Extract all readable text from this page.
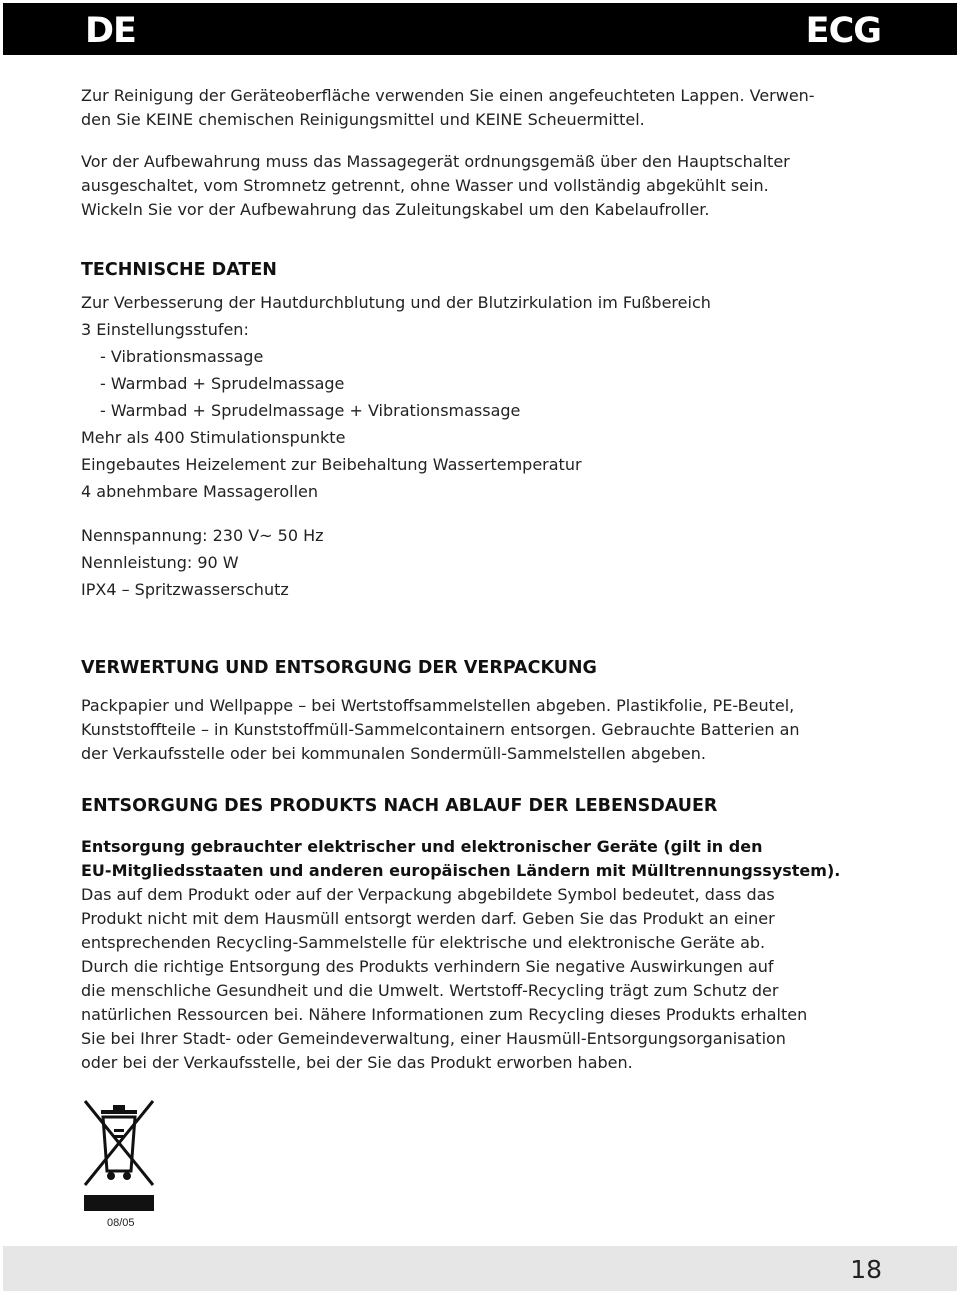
DE	ECG
Zur Reinigung der Geräteoberfläche verwenden Sie einen angefeuchteten Lappen. Verwen-
den Sie KEINE chemischen Reinigungsmittel und KEINE Scheuermittel.
Vor der Aufbewahrung muss das Massagegerät ordnungsgemäß über den Hauptschalter
ausgeschaltet, vom Stromnetz getrennt, ohne Wasser und vollständig abgekühlt sein.
Wickeln Sie vor der Aufbewahrung das Zuleitungskabel um den Kabelaufroller.
TECHNISCHE DATEN
Zur Verbesserung der Hautdurchblutung und der Blutzirkulation im Fußbereich
3 Einstellungsstufen:
- Vibrationsmassage
- Warmbad + Sprudelmassage
- Warmbad + Sprudelmassage + Vibrationsmassage
Mehr als 400 Stimulationspunkte
Eingebautes Heizelement zur Beibehaltung Wassertemperatur
4 abnehmbare Massagerollen
Nennspannung: 230 V~ 50 Hz
Nennleistung: 90 W
IPX4 – Spritzwasserschutz
VERWERTUNG UND ENTSORGUNG DER VERPACKUNG
Packpapier und Wellpappe – bei Wertstoffsammelstellen abgeben. Plastikfolie, PE-Beutel,
Kunststoffteile – in Kunststoffmüll-Sammelcontainern entsorgen. Gebrauchte Batterien an
der Verkaufsstelle oder bei kommunalen Sondermüll-Sammelstellen abgeben.
ENTSORGUNG DES PRODUKTS NACH ABLAUF DER LEBENSDAUER
Entsorgung gebrauchter elektrischer und elektronischer Geräte (gilt in den
EU-Mitgliedsstaaten und anderen europäischen Ländern mit Mülltrennungssystem).
Das auf dem Produkt oder auf der Verpackung abgebildete Symbol bedeutet, dass das
Produkt nicht mit dem Hausmüll entsorgt werden darf. Geben Sie das Produkt an einer
entsprechenden Recycling-Sammelstelle für elektrische und elektronische Geräte ab.
Durch die richtige Entsorgung des Produkts verhindern Sie negative Auswirkungen auf
die menschliche Gesundheit und die Umwelt. Wertstoff-Recycling trägt zum Schutz der
natürlichen Ressourcen bei. Nähere Informationen zum Recycling dieses Produkts erhalten
Sie bei Ihrer Stadt- oder Gemeindeverwaltung, einer Hausmüll-Entsorgungsorganisation
oder bei der Verkaufsstelle, bei der Sie das Produkt erworben haben.
08/05
18
